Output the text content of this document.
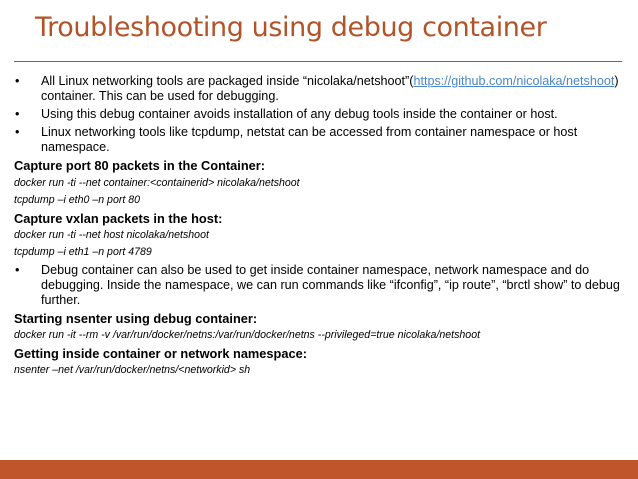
Troubleshooting using debug container
•	All Linux networking tools are packaged inside “nicolaka/netshoot”(https://github.com/nicolaka/netshoot) container. This can be used for debugging.
•	Using this debug container avoids installation of any debug tools inside the container or host.
•	Linux networking tools like tcpdump, netstat can be accessed from container namespace or host namespace.
Capture port 80 packets in the Container:
docker run -ti --net container:<containerid> nicolaka/netshoot
tcpdump –i eth0 –n port 80
Capture vxlan packets in the host:
docker run -ti --net host nicolaka/netshoot
tcpdump –i eth1 –n port 4789
•	Debug container can also be used to get inside container namespace, network namespace and do debugging. Inside the namespace, we can run commands like “ifconfig”, “ip route”, “brctl show” to debug further.
Starting nsenter using debug container:
docker run -it --rm -v /var/run/docker/netns:/var/run/docker/netns --privileged=true nicolaka/netshoot
Getting inside container or network namespace:
nsenter –net /var/run/docker/netns/<networkid> sh
